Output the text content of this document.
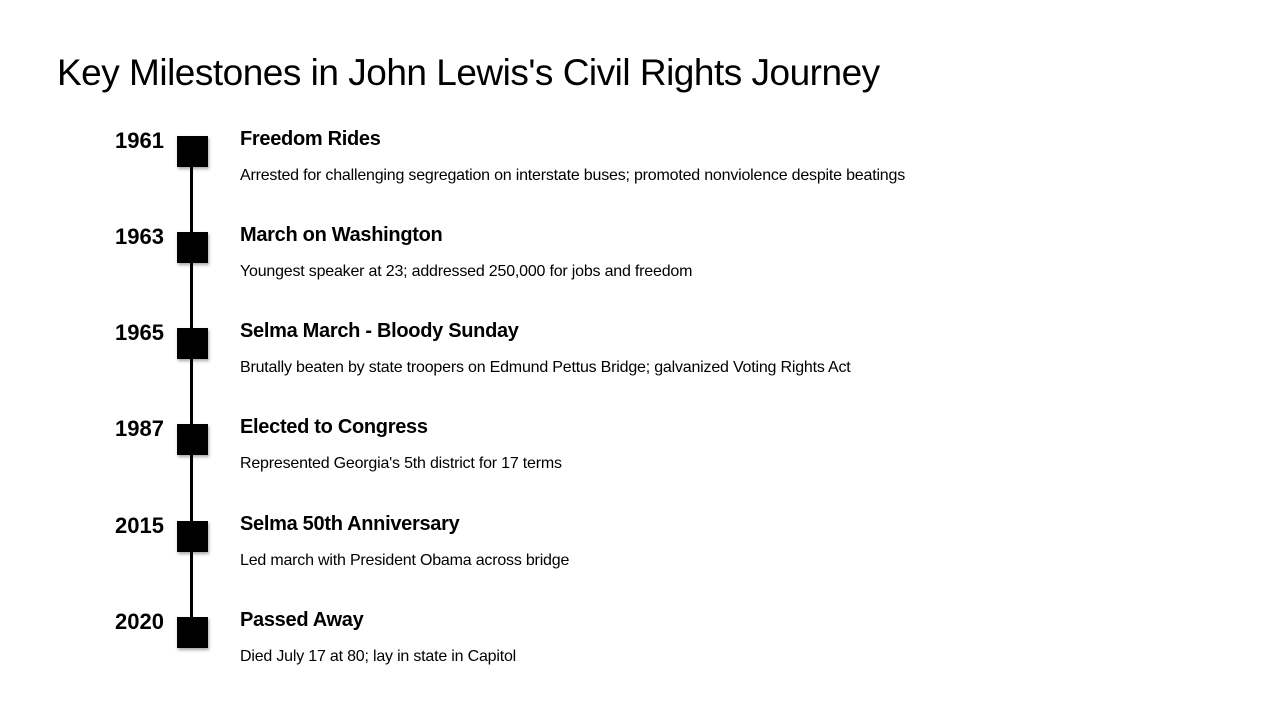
Key Milestones in John Lewis's Civil Rights Journey
1961	Freedom Rides
Arrested for challenging segregation on interstate buses; promoted nonviolence despite beatings
1963	March on Washington
Youngest speaker at 23; addressed 250,000 for jobs and freedom
1965	Selma March - Bloody Sunday
Brutally beaten by state troopers on Edmund Pettus Bridge; galvanized Voting Rights Act
1987	Elected to Congress
Represented Georgia's 5th district for 17 terms
2015	Selma 50th Anniversary
Led march with President Obama across bridge
2020	Passed Away
Died July 17 at 80; lay in state in Capitol
